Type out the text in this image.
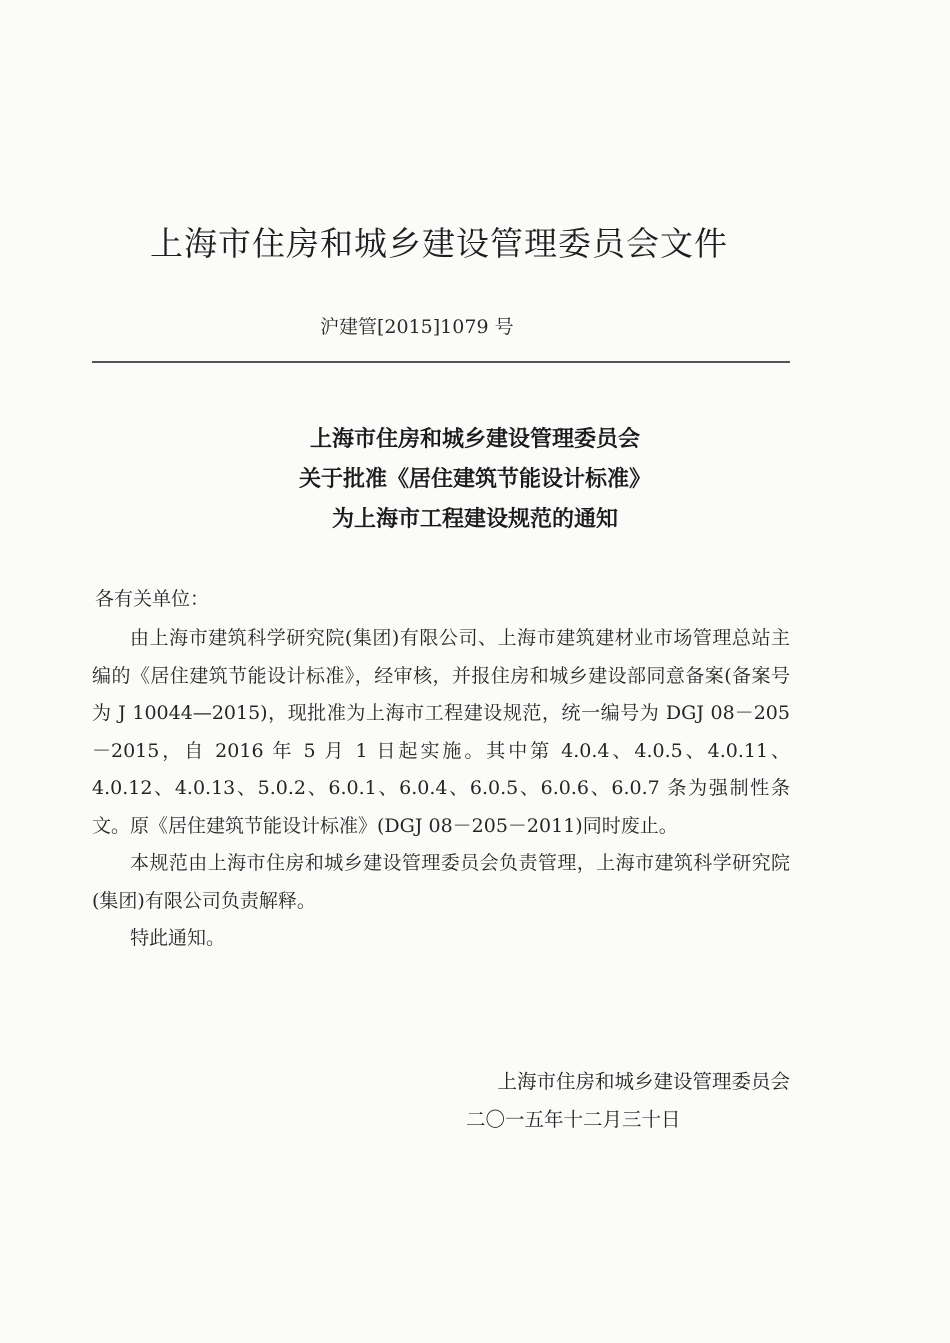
上海市住房和城乡建设管理委员会文件
沪建管[2015]1079 号
上海市住房和城乡建设管理委员会
关于批准《居住建筑节能设计标准》
为上海市工程建设规范的通知
各有关单位：

由上海市建筑科学研究院(集团)有限公司、上海市建筑建材业市场管理总站主编的《居住建筑节能设计标准》，经审核，并报住房和城乡建设部同意备案(备案号为 J 10044—2015)，现批准为上海市工程建设规范，统一编号为 DGJ 08－205－2015，自 2016 年 5 月 1 日起实施。其中第 4.0.4、4.0.5、4.0.11、4.0.12、4.0.13、5.0.2、6.0.1、6.0.4、6.0.5、6.0.6、6.0.7 条为强制性条文。原《居住建筑节能设计标准》(DGJ 08－205－2011)同时废止。

本规范由上海市住房和城乡建设管理委员会负责管理，上海市建筑科学研究院(集团)有限公司负责解释。

特此通知。

上海市住房和城乡建设管理委员会
二〇一五年十二月三十日
